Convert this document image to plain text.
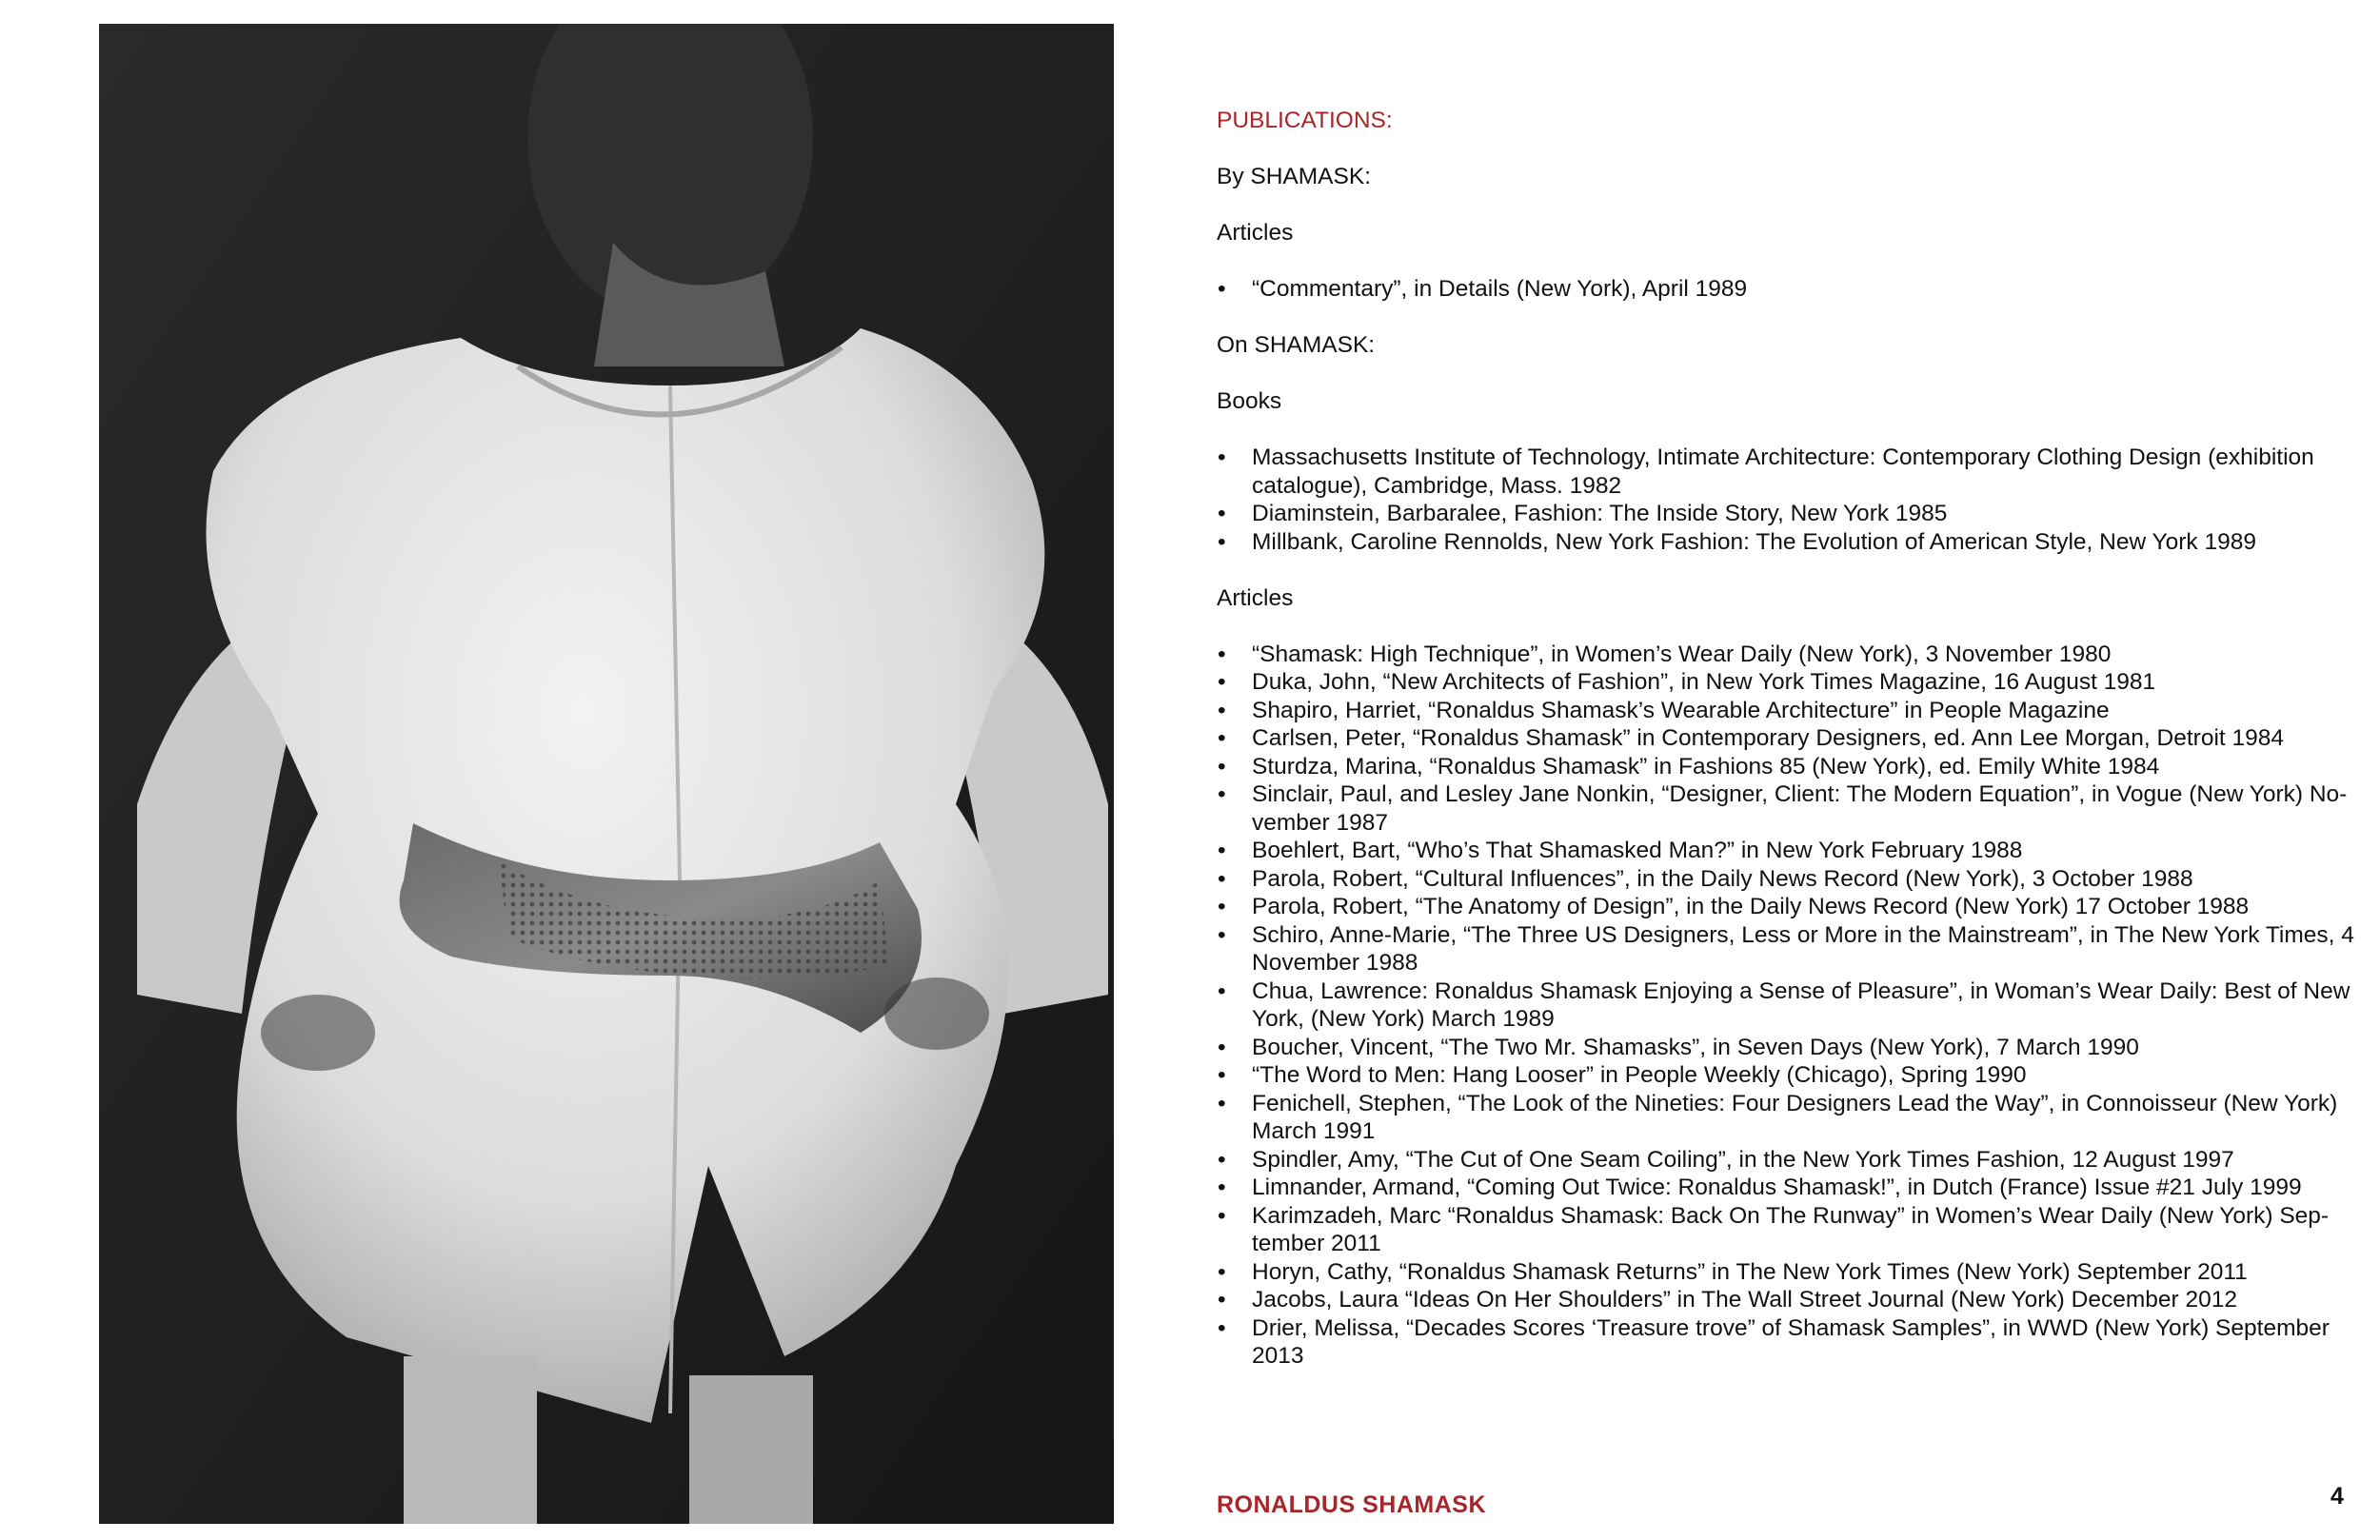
PUBLICATIONS:

By SHAMASK:

Articles

• “Commentary”, in Details (New York), April 1989

On SHAMASK:

Books

• Massachusetts Institute of Technology, Intimate Architecture: Contemporary Clothing Design (exhibition catalogue), Cambridge, Mass. 1982
• Diaminstein, Barbaralee, Fashion: The Inside Story, New York 1985
• Millbank, Caroline Rennolds, New York Fashion: The Evolution of American Style, New York 1989

Articles

• “Shamask: High Technique”, in Women’s Wear Daily (New York), 3 November 1980
• Duka, John, “New Architects of Fashion”, in New York Times Magazine, 16 August 1981
• Shapiro, Harriet, “Ronaldus Shamask’s Wearable Architecture” in People Magazine
• Carlsen, Peter, “Ronaldus Shamask” in Contemporary Designers, ed. Ann Lee Morgan, Detroit 1984
• Sturdza, Marina, “Ronaldus Shamask” in Fashions 85 (New York), ed. Emily White 1984
• Sinclair, Paul, and Lesley Jane Nonkin, “Designer, Client: The Modern Equation”, in Vogue (New York) No-vember 1987
• Boehlert, Bart, “Who’s That Shamasked Man?” in New York February 1988
• Parola, Robert, “Cultural Influences”, in the Daily News Record (New York), 3 October 1988
• Parola, Robert, “The Anatomy of Design”, in the Daily News Record (New York) 17 October 1988
• Schiro, Anne-Marie, “The Three US Designers, Less or More in the Mainstream”, in The New York Times, 4 November 1988
• Chua, Lawrence: Ronaldus Shamask Enjoying a Sense of Pleasure”, in Woman’s Wear Daily: Best of New York, (New York) March 1989
• Boucher, Vincent, “The Two Mr. Shamasks”, in Seven Days (New York), 7 March 1990
• “The Word to Men: Hang Looser” in People Weekly (Chicago), Spring 1990
• Fenichell, Stephen, “The Look of the Nineties: Four Designers Lead the Way”, in Connoisseur (New York) March 1991
• Spindler, Amy, “The Cut of One Seam Coiling”, in the New York Times Fashion, 12 August 1997
• Limnander, Armand, “Coming Out Twice: Ronaldus Shamask!”, in Dutch (France) Issue #21 July 1999
• Karimzadeh, Marc “Ronaldus Shamask: Back On The Runway” in Women’s Wear Daily (New York) Sep-tember 2011
• Horyn, Cathy, “Ronaldus Shamask Returns” in The New York Times (New York) September 2011
• Jacobs, Laura “Ideas On Her Shoulders” in The Wall Street Journal (New York) December 2012
• Drier, Melissa, “Decades Scores ‘Treasure trove” of Shamask Samples”, in WWD (New York) September 2013
RONALDUS SHAMASK	4
